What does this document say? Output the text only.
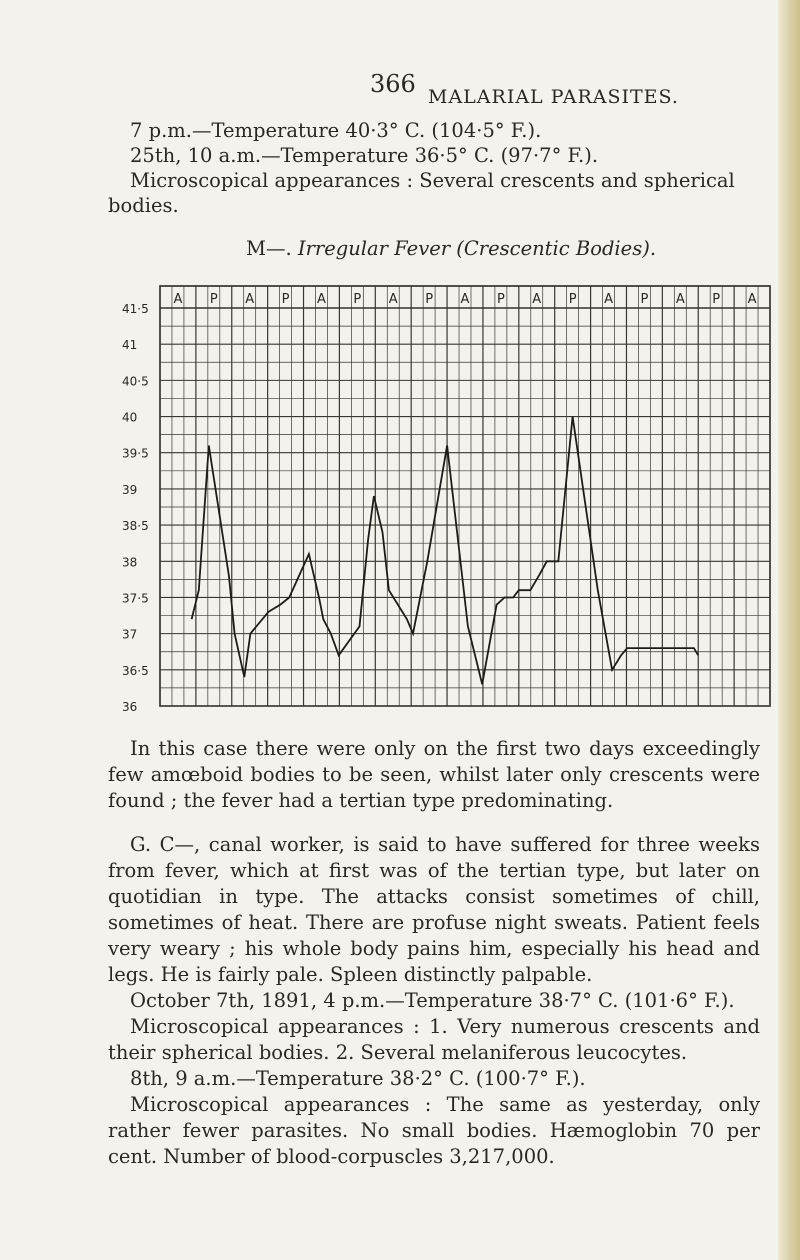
366 MALARIAL PARASITES.

7 p.m.—Temperature 40·3° C. (104·5° F.).

25th, 10 a.m.—Temperature 36·5° C. (97·7° F.).

Microscopical appearances : Several crescents and spherical bodies.

M—. Irregular Fever (Crescentic Bodies).
41·5
41
40·5
40
39·5
39
38·5
38
37·5
37
36·5
36
A P A P A P A P A P A P A P A P A

In this case there were only on the first two days exceedingly few amœboid bodies to be seen, whilst later only crescents were found ; the fever had a tertian type predominating.

G. C—, canal worker, is said to have suffered for three weeks from fever, which at first was of the tertian type, but later on quotidian in type. The attacks consist sometimes of chill, sometimes of heat. There are profuse night sweats. Patient feels very weary ; his whole body pains him, especially his head and legs. He is fairly pale. Spleen distinctly palpable.

October 7th, 1891, 4 p.m.—Temperature 38·7° C. (101·6° F.).

Microscopical appearances : 1. Very numerous crescents and their spherical bodies. 2. Several melaniferous leucocytes.

8th, 9 a.m.—Temperature 38·2° C. (100·7° F.).

Microscopical appearances : The same as yesterday, only rather fewer parasites. No small bodies. Hæmoglobin 70 per cent. Number of blood-corpuscles 3,217,000.
